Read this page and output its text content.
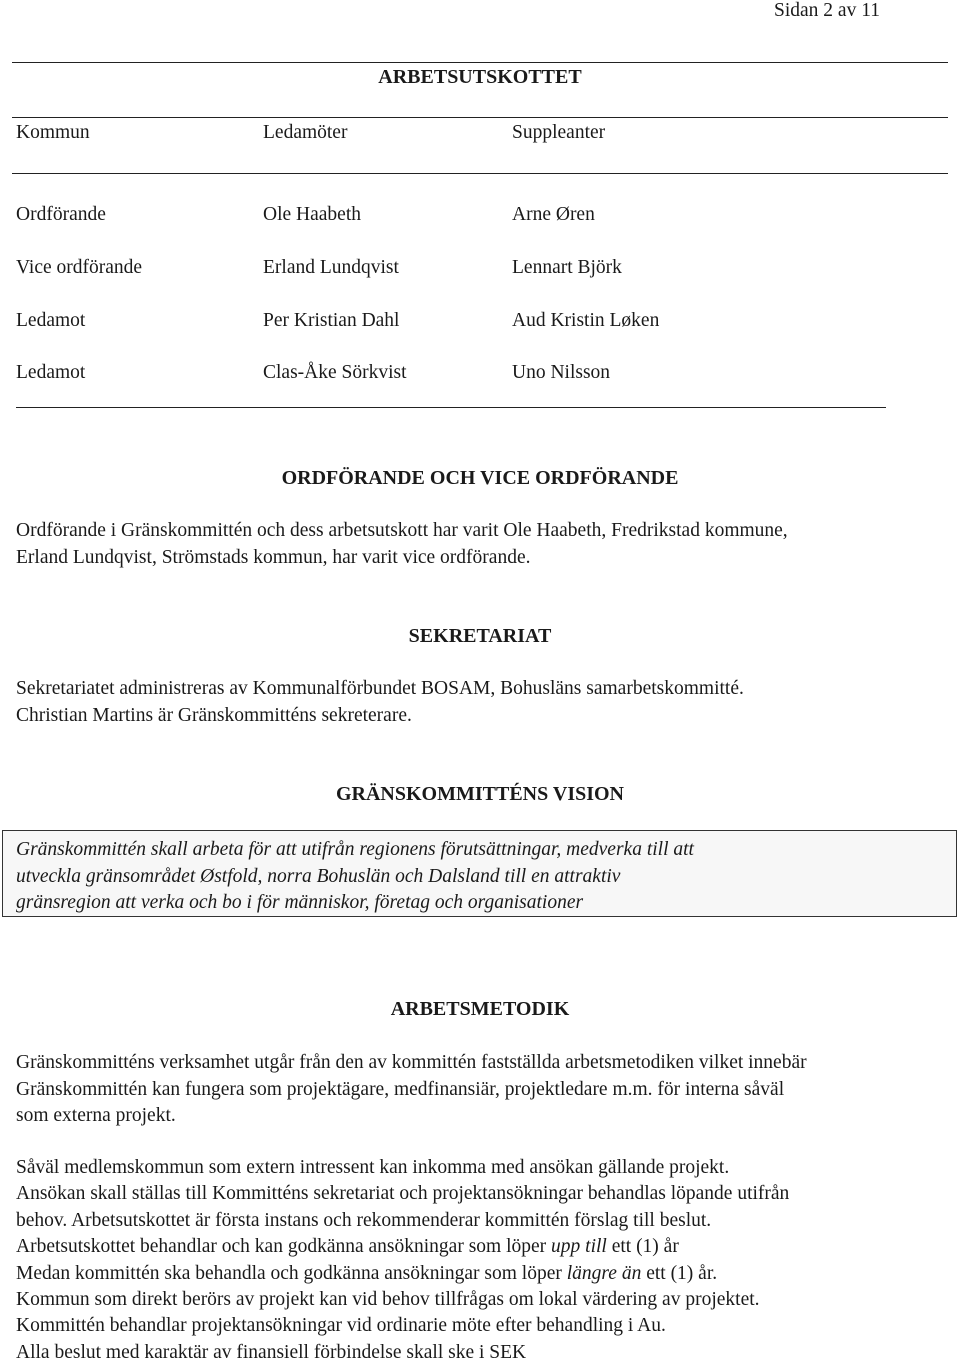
Sidan 2 av 11
ARBETSUTSKOTTET
Kommun	Ledamöter	Suppleanter
Ordförande	Ole Haabeth	Arne Øren
Vice ordförande	Erland Lundqvist	Lennart Björk
Ledamot	Per Kristian Dahl	Aud Kristin Løken
Ledamot	Clas-Åke Sörkvist	Uno Nilsson
ORDFÖRANDE OCH VICE ORDFÖRANDE
Ordförande i Gränskommittén och dess arbetsutskott har varit Ole Haabeth, Fredrikstad kommune,
Erland Lundqvist, Strömstads kommun, har varit vice ordförande.
SEKRETARIAT
Sekretariatet administreras av Kommunalförbundet BOSAM, Bohusläns samarbetskommitté.
Christian Martins är Gränskommitténs sekreterare.
GRÄNSKOMMITTÉNS VISION
Gränskommittén skall arbeta för att utifrån regionens förutsättningar, medverka till att
utveckla gränsområdet Østfold, norra Bohuslän och Dalsland till en attraktiv
gränsregion att verka och bo i för människor, företag och organisationer
ARBETSMETODIK
Gränskommitténs verksamhet utgår från den av kommittén fastställda arbetsmetodiken vilket innebär
Gränskommittén kan fungera som projektägare, medfinansiär, projektledare m.m. för interna såväl
som externa projekt.
Såväl medlemskommun som extern intressent kan inkomma med ansökan gällande projekt.
Ansökan skall ställas till Kommitténs sekretariat och projektansökningar behandlas löpande utifrån
behov. Arbetsutskottet är första instans och rekommenderar kommittén förslag till beslut.
Arbetsutskottet behandlar och kan godkänna ansökningar som löper upp till ett (1) år
Medan kommittén ska behandla och godkänna ansökningar som löper längre än ett (1) år.
Kommun som direkt berörs av projekt kan vid behov tillfrågas om lokal värdering av projektet.
Kommittén behandlar projektansökningar vid ordinarie möte efter behandling i Au.
Alla beslut med karaktär av finansiell förbindelse skall ske i SEK
